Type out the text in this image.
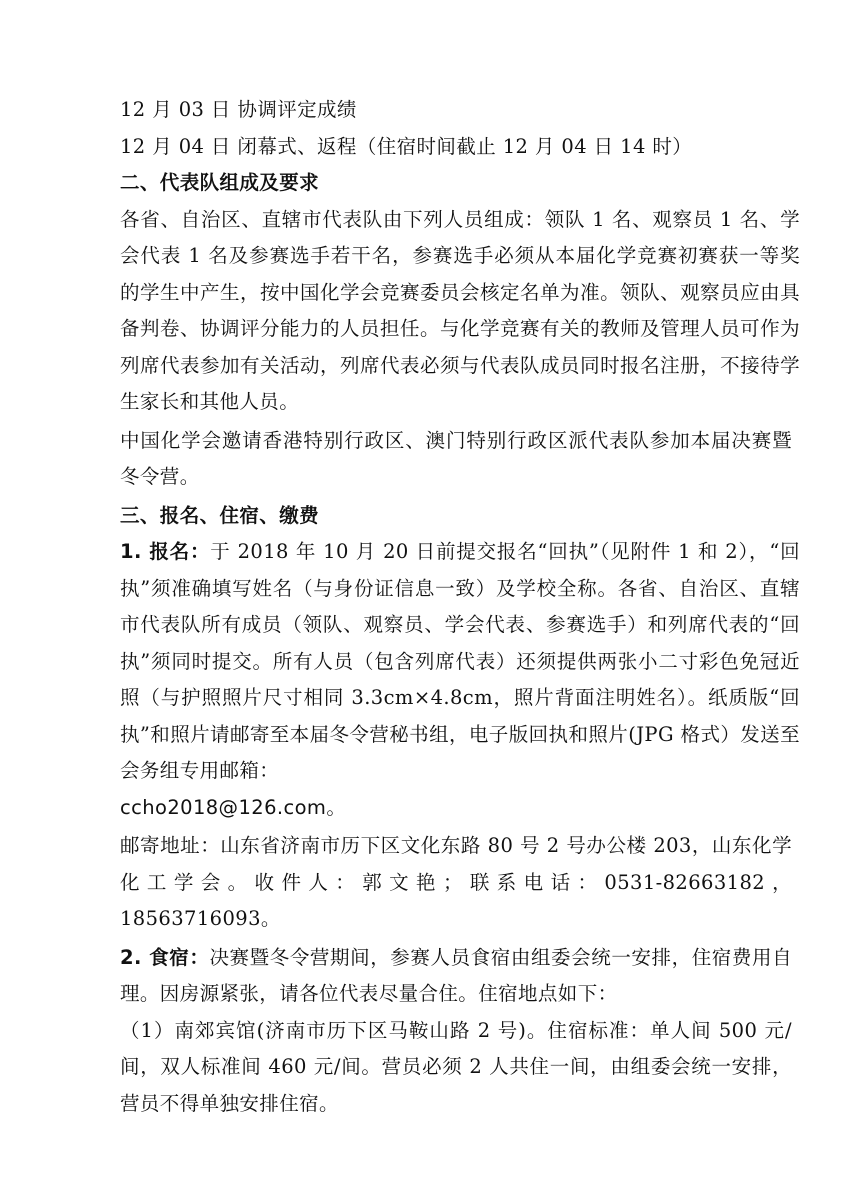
12 月 03 日 协调评定成绩

12 月 04 日 闭幕式、返程（住宿时间截止 12 月 04 日 14 时）

二、代表队组成及要求

各省、自治区、直辖市代表队由下列人员组成：领队 1 名、观察员 1 名、学会代表 1 名及参赛选手若干名，参赛选手必须从本届化学竞赛初赛获一等奖的学生中产生，按中国化学会竞赛委员会核定名单为准。领队、观察员应由具备判卷、协调评分能力的人员担任。与化学竞赛有关的教师及管理人员可作为列席代表参加有关活动，列席代表必须与代表队成员同时报名注册，不接待学生家长和其他人员。

中国化学会邀请香港特别行政区、澳门特别行政区派代表队参加本届决赛暨冬令营。

三、报名、住宿、缴费

1. 报名：于 2018 年 10 月 20 日前提交报名“回执”（见附件 1 和 2），“回执”须准确填写姓名（与身份证信息一致）及学校全称。各省、自治区、直辖市代表队所有成员（领队、观察员、学会代表、参赛选手）和列席代表的“回执”须同时提交。所有人员（包含列席代表）还须提供两张小二寸彩色免冠近照（与护照照片尺寸相同 3.3cm×4.8cm，照片背面注明姓名）。纸质版“回执”和照片请邮寄至本届冬令营秘书组，电子版回执和照片(JPG 格式）发送至会务组专用邮箱：

ccho2018@126.com。

邮寄地址：山东省济南市历下区文化东路 80 号 2 号办公楼 203，山东化学化工学会。收件人：郭文艳；联系电话：0531-82663182，18563716093。

2. 食宿：决赛暨冬令营期间，参赛人员食宿由组委会统一安排，住宿费用自理。因房源紧张，请各位代表尽量合住。住宿地点如下：

（1）南郊宾馆(济南市历下区马鞍山路 2 号)。住宿标准：单人间 500 元/间，双人标准间 460 元/间。营员必须 2 人共住一间，由组委会统一安排，营员不得单独安排住宿。
